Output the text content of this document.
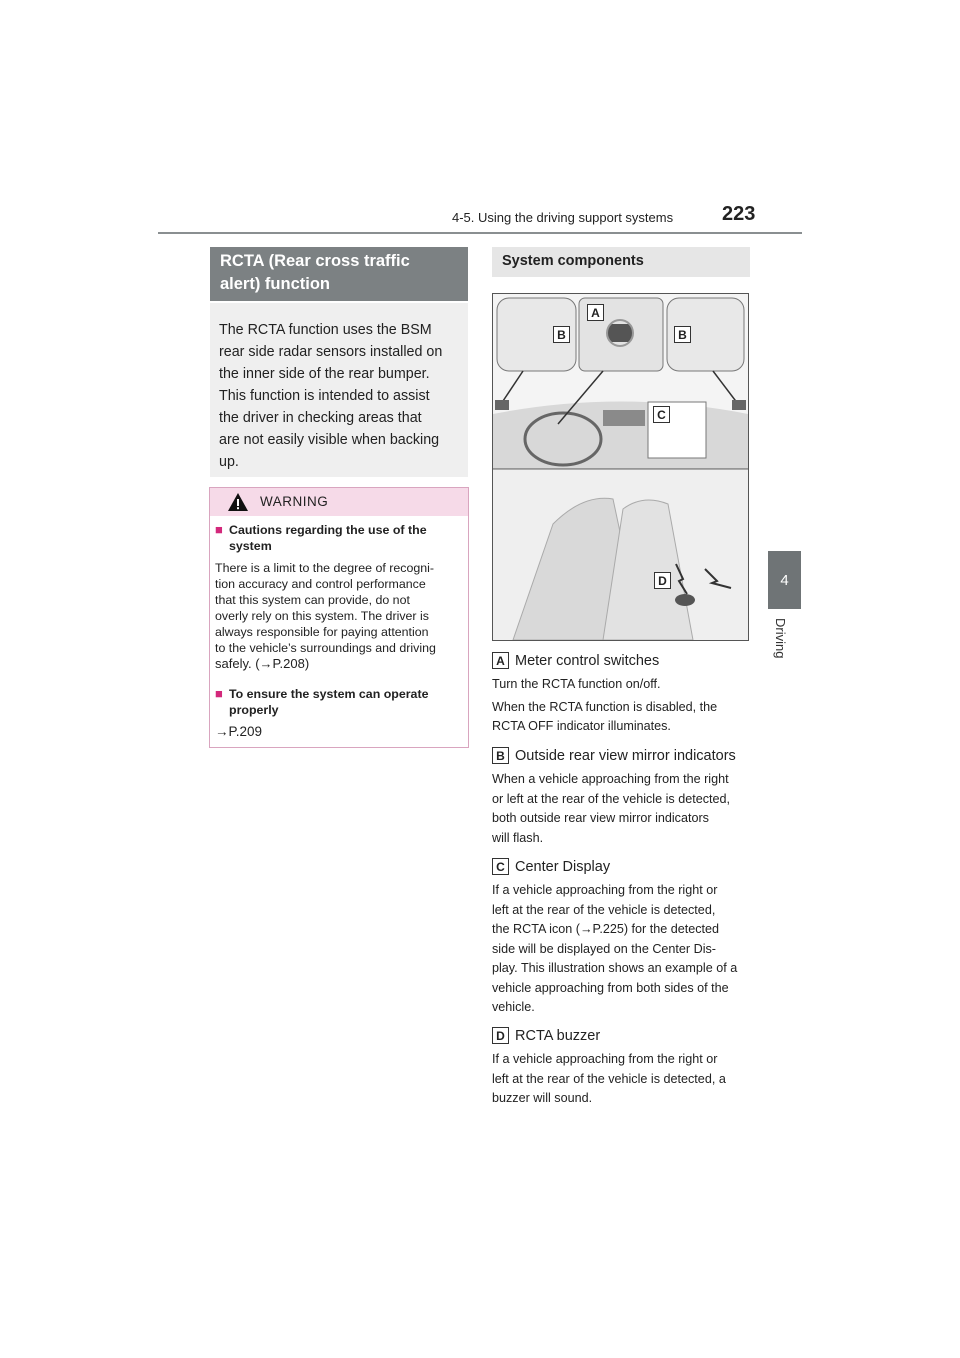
4-5. Using the driving support systems 223
4
Driving
RCTA (Rear cross traffic
alert) function
The RCTA function uses the BSM
rear side radar sensors installed on
the inner side of the rear bumper.
This function is intended to assist
the driver in checking areas that
are not easily visible when backing
up.
WARNING
■ Cautions regarding the use of the
system
There is a limit to the degree of recogni-
tion accuracy and control performance
that this system can provide, do not
overly rely on this system. The driver is
always responsible for paying attention
to the vehicle’s surroundings and driving
safely. (→P.208)
■ To ensure the system can operate
properly
→P.209
System components
A
B	B
C
D
A Meter control switches
Turn the RCTA function on/off.
When the RCTA function is disabled, the
RCTA OFF indicator illuminates.
B Outside rear view mirror indicators
When a vehicle approaching from the right
or left at the rear of the vehicle is detected,
both outside rear view mirror indicators
will flash.
C Center Display
If a vehicle approaching from the right or
left at the rear of the vehicle is detected,
the RCTA icon (→P.225) for the detected
side will be displayed on the Center Dis-
play. This illustration shows an example of a
vehicle approaching from both sides of the
vehicle.
D RCTA buzzer
If a vehicle approaching from the right or
left at the rear of the vehicle is detected, a
buzzer will sound.
